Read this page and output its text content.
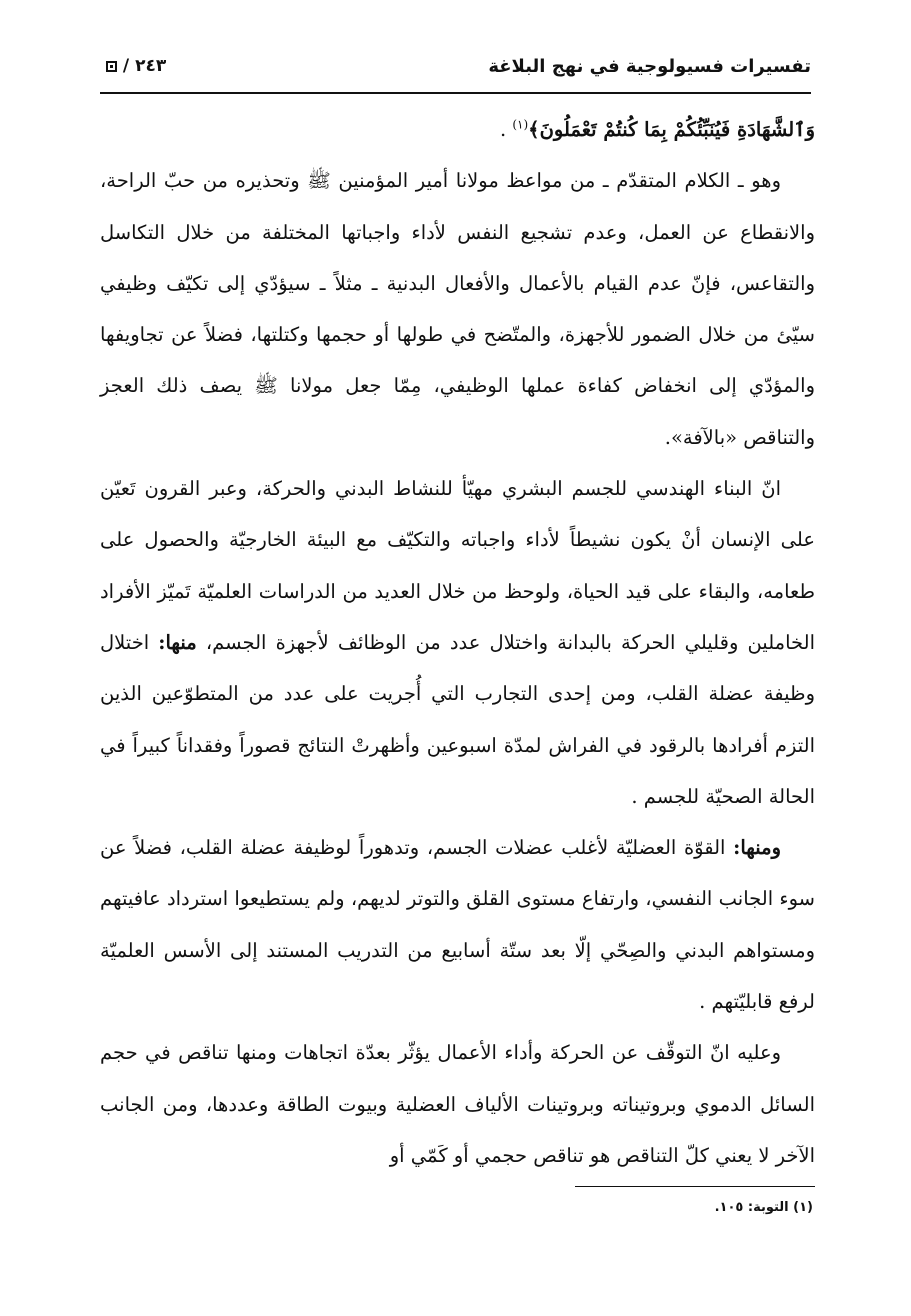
تفسيرات فسيولوجية في نهج البلاغة
٢٤٣ /

وَٱلشَّهَادَةِ فَيُنَبِّئُكُمْ بِمَا كُنتُمْ تَعْمَلُونَ﴾$^{(١)}$ .

وهو ـ الكلام المتقدّم ـ من مواعظ مولانا أمير المؤمنين ﷺ وتحذيره من حبّ الراحة، والانقطاع عن العمل، وعدم تشجيع النفس لأداء واجباتها المختلفة من خلال التكاسل والتقاعس، فإنّ عدم القيام بالأعمال والأفعال البدنية ـ مثلاً ـ سيؤدّي إلى تكيّف وظيفي سيّئ من خلال الضمور للأجهزة، والمتّضح في طولها أو حجمها وكتلتها، فضلاً عن تجاويفها والمؤدّي إلى انخفاض كفاءة عملها الوظيفي، مِمّا جعل مولانا ﷺ يصف ذلك العجز والتناقص «بالآفة».

انّ البناء الهندسي للجسم البشري مهيّأ للنشاط البدني والحركة، وعبر القرون تَعيّن على الإنسان أنْ يكون نشيطاً لأداء واجباته والتكيّف مع البيئة الخارجيّة والحصول على طعامه، والبقاء على قيد الحياة، ولوحظ من خلال العديد من الدراسات العلميّة تَميّز الأفراد الخاملين وقليلي الحركة بالبدانة واختلال عدد من الوظائف لأجهزة الجسم، منها: اختلال وظيفة عضلة القلب، ومن إحدى التجارب التي أُجريت على عدد من المتطوّعين الذين التزم أفرادها بالرقود في الفراش لمدّة اسبوعين وأظهرتْ النتائج قصوراً وفقداناً كبيراً في الحالة الصحيّة للجسم .

ومنها: القوّة العضليّة لأغلب عضلات الجسم، وتدهوراً لوظيفة عضلة القلب، فضلاً عن سوء الجانب النفسي، وارتفاع مستوى القلق والتوتر لديهم، ولم يستطيعوا استرداد عافيتهم ومستواهم البدني والصِحّي إلّا بعد ستّة أسابيع من التدريب المستند إلى الأسس العلميّة لرفع قابليّتهم .

وعليه انّ التوقّف عن الحركة وأداء الأعمال يؤثّر بعدّة اتجاهات ومنها تناقص في حجم السائل الدموي وبروتيناته وبروتينات الألياف العضلية وبيوت الطاقة وعددها، ومن الجانب الآخر لا يعني كلّ التناقص هو تناقص حجمي أو كَمّي أو

(١) التوبة: ١٠٥.
